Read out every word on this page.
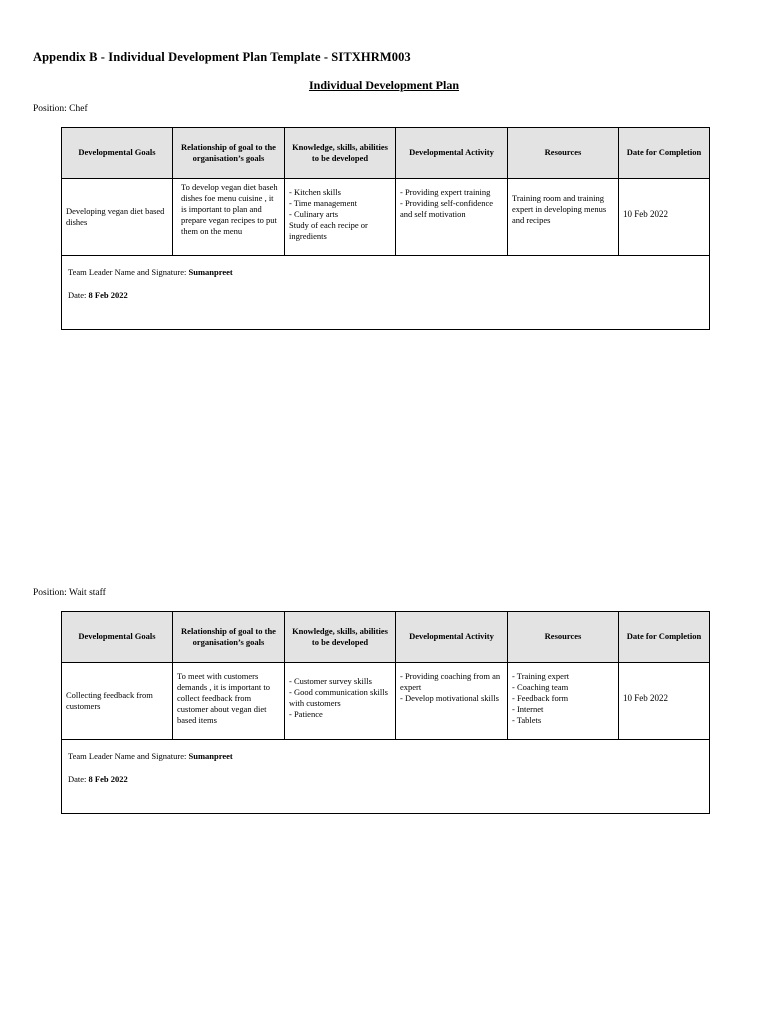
Appendix B - Individual Development Plan Template - SITXHRM003
Individual Development Plan
Position: Chef
Developmental Goals	Relationship of goal to the organisation’s goals	Knowledge, skills, abilities to be developed	Developmental Activity	Resources	Date for Completion

Developing vegan diet based dishes	To develop vegan diet baseh dishes foe menu cuisine , it is important to plan and prepare vegan recipes to put them on the menu	- Kitchen skills
- Time management
- Culinary arts
Study of each recipe or ingredients	- Providing expert training
- Providing self-confidence and self motivation	Training room and training expert in developing menus and recipes	10 Feb 2022

Team Leader Name and Signature: Sumanpreet
Date: 8 Feb 2022					
Position: Wait staff
Developmental Goals	Relationship of goal to the organisation’s goals	Knowledge, skills, abilities to be developed	Developmental Activity	Resources	Date for Completion

Collecting feedback from customers	To meet with customers demands , it is important to collect feedback from customer about vegan diet based items	- Customer survey skills
- Good communication skills with customers
- Patience	- Providing coaching from an expert
- Develop motivational skills	- Training expert
- Coaching team
- Feedback form
- Internet
- Tablets	10 Feb 2022

Team Leader Name and Signature: Sumanpreet
Date: 8 Feb 2022					
